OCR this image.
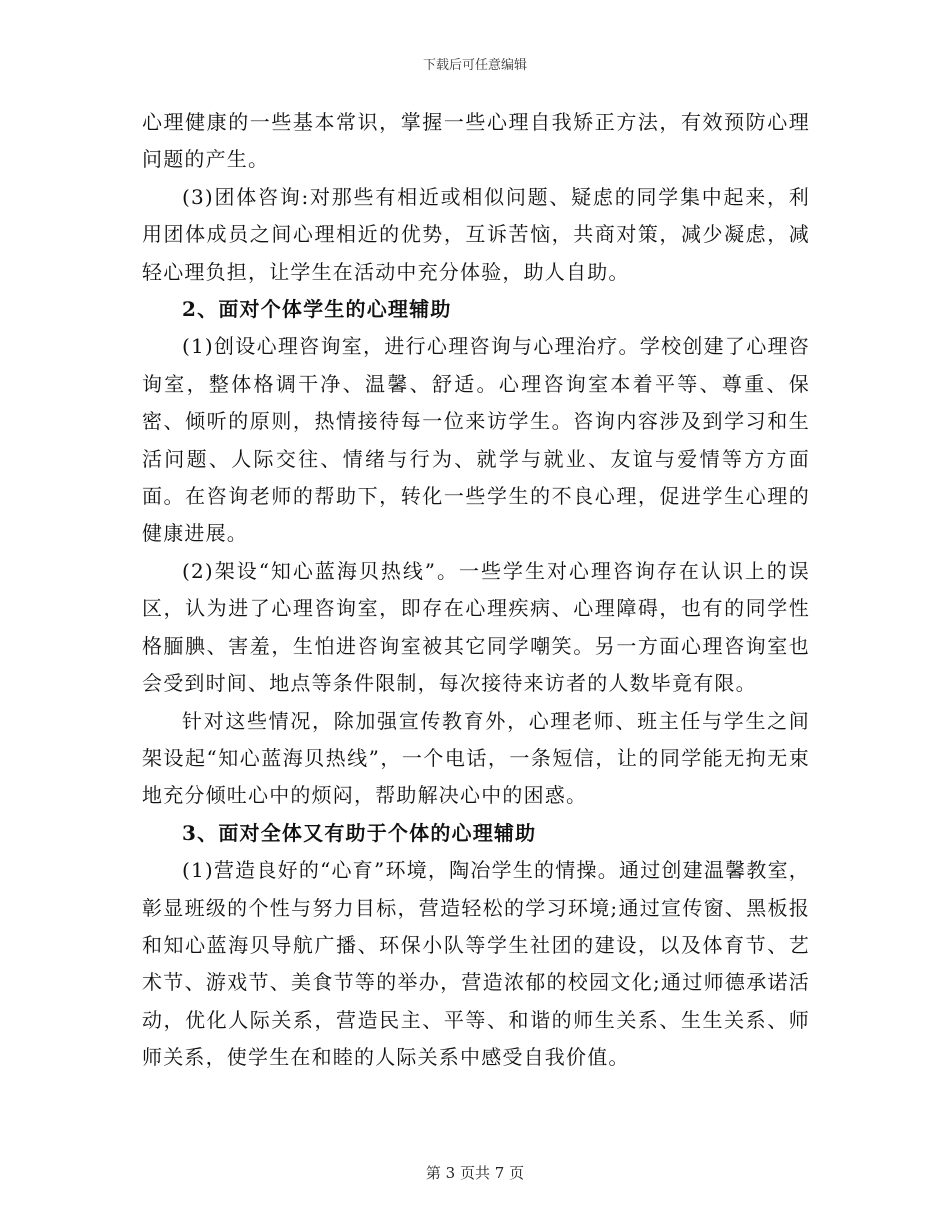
下载后可任意编辑

心理健康的一些基本常识，掌握一些心理自我矫正方法，有效预防心理问题的产生。

(3)团体咨询:对那些有相近或相似问题、疑虑的同学集中起来，利用团体成员之间心理相近的优势，互诉苦恼，共商对策，减少凝虑，减轻心理负担，让学生在活动中充分体验，助人自助。

2、面对个体学生的心理辅助

(1)创设心理咨询室，进行心理咨询与心理治疗。学校创建了心理咨询室，整体格调干净、温馨、舒适。心理咨询室本着平等、尊重、保密、倾听的原则，热情接待每一位来访学生。咨询内容涉及到学习和生活问题、人际交往、情绪与行为、就学与就业、友谊与爱情等方方面面。在咨询老师的帮助下，转化一些学生的不良心理，促进学生心理的健康进展。

(2)架设“知心蓝海贝热线”。一些学生对心理咨询存在认识上的误区，认为进了心理咨询室，即存在心理疾病、心理障碍，也有的同学性格腼腆、害羞，生怕进咨询室被其它同学嘲笑。另一方面心理咨询室也会受到时间、地点等条件限制，每次接待来访者的人数毕竟有限。

针对这些情况，除加强宣传教育外，心理老师、班主任与学生之间架设起“知心蓝海贝热线”，一个电话，一条短信，让的同学能无拘无束地充分倾吐心中的烦闷，帮助解决心中的困惑。

3、面对全体又有助于个体的心理辅助

(1)营造良好的“心育”环境，陶冶学生的情操。通过创建温馨教室，彰显班级的个性与努力目标，营造轻松的学习环境;通过宣传窗、黑板报和知心蓝海贝导航广播、环保小队等学生社团的建设，以及体育节、艺术节、游戏节、美食节等的举办，营造浓郁的校园文化;通过师德承诺活动，优化人际关系，营造民主、平等、和谐的师生关系、生生关系、师师关系，使学生在和睦的人际关系中感受自我价值。

第 3 页共 7 页
